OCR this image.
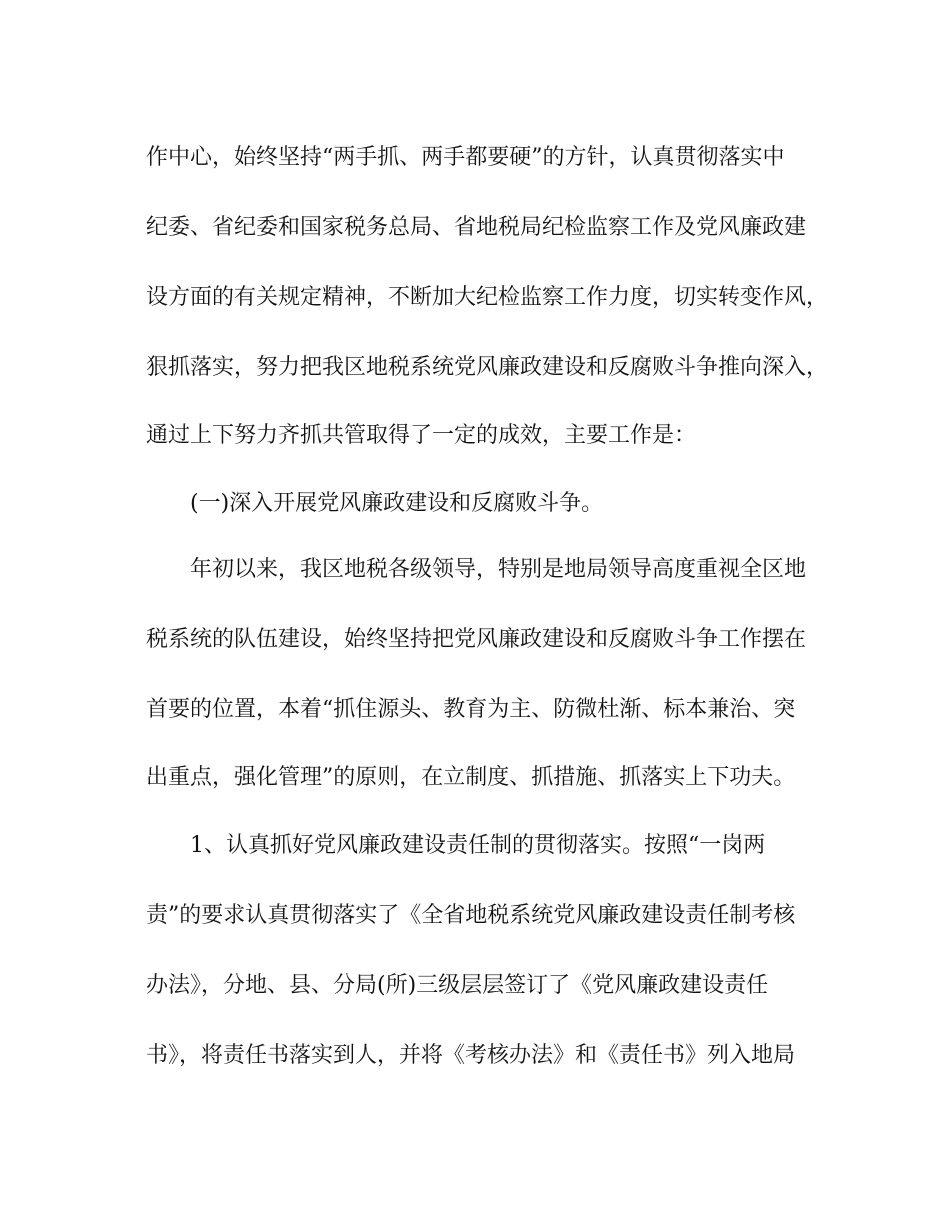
作中心，始终坚持“两手抓、两手都要硬”的方针，认真贯彻落实中
纪委、省纪委和国家税务总局、省地税局纪检监察工作及党风廉政建
设方面的有关规定精神，不断加大纪检监察工作力度，切实转变作风，
狠抓落实，努力把我区地税系统党风廉政建设和反腐败斗争推向深入，
通过上下努力齐抓共管取得了一定的成效，主要工作是：
(一)深入开展党风廉政建设和反腐败斗争。
年初以来，我区地税各级领导，特别是地局领导高度重视全区地
税系统的队伍建设，始终坚持把党风廉政建设和反腐败斗争工作摆在
首要的位置，本着“抓住源头、教育为主、防微杜渐、标本兼治、突
出重点，强化管理”的原则，在立制度、抓措施、抓落实上下功夫。
1、认真抓好党风廉政建设责任制的贯彻落实。按照“一岗两
责”的要求认真贯彻落实了《全省地税系统党风廉政建设责任制考核
办法》，分地、县、分局(所)三级层层签订了《党风廉政建设责任
书》，将责任书落实到人，并将《考核办法》和《责任书》列入地局
